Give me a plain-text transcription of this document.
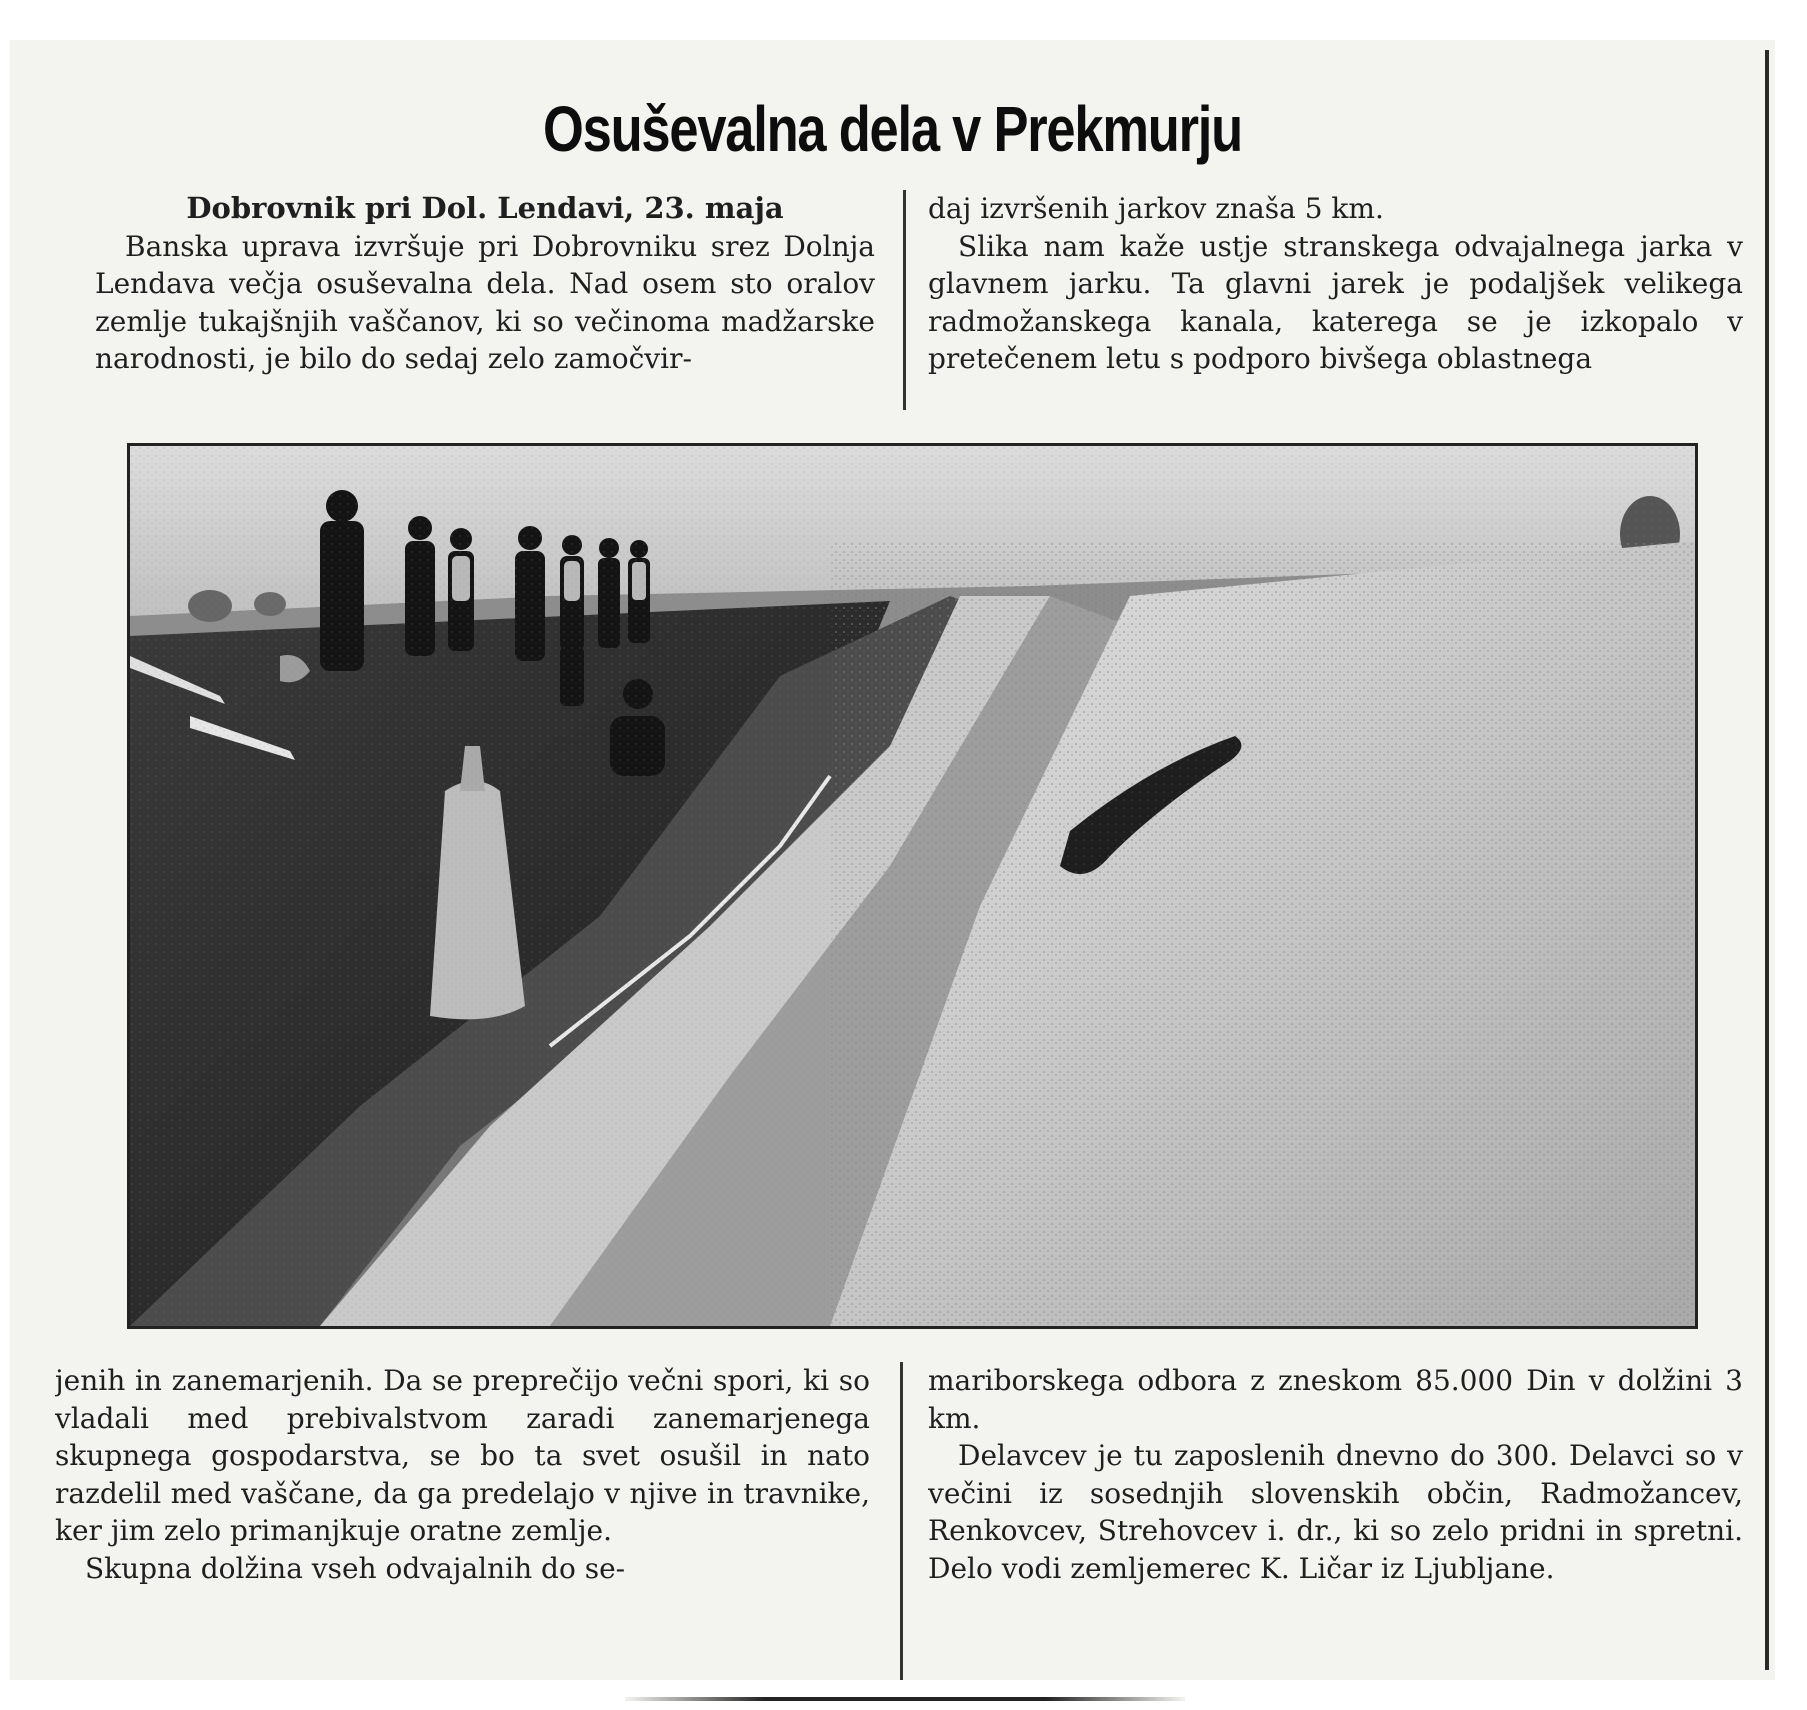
Osuševalna dela v Prekmurju

Dobrovnik pri Dol. Lendavi, 23. maja

Banska uprava izvršuje pri Dobrovniku srez Dolnja Lendava večja osuševalna dela. Nad osem sto oralov zemlje tukajšnjih vaščanov, ki so večinoma madžarske narodnosti, je bilo do sedaj zelo zamočvir-

daj izvršenih jarkov znaša 5 km.

Slika nam kaže ustje stranskega odvajalnega jarka v glavnem jarku. Ta glavni jarek je podaljšek velikega radmožanskega kanala, katerega se je izkopalo v pretečenem letu s podporo bivšega oblastnega

jenih in zanemarjenih. Da se preprečijo večni spori, ki so vladali med prebivalstvom zaradi zanemarjenega skupnega gospodarstva, se bo ta svet osušil in nato razdelil med vaščane, da ga predelajo v njive in travnike, ker jim zelo primanjkuje oratne zemlje.

Skupna dolžina vseh odvajalnih do se-

mariborskega odbora z zneskom 85.000 Din v dolžini 3 km.

Delavcev je tu zaposlenih dnevno do 300. Delavci so v večini iz sosednjih slovenskih občin, Radmožancev, Renkovcev, Strehovcev i. dr., ki so zelo pridni in spretni. Delo vodi zemljemerec K. Ličar iz Ljubljane.
